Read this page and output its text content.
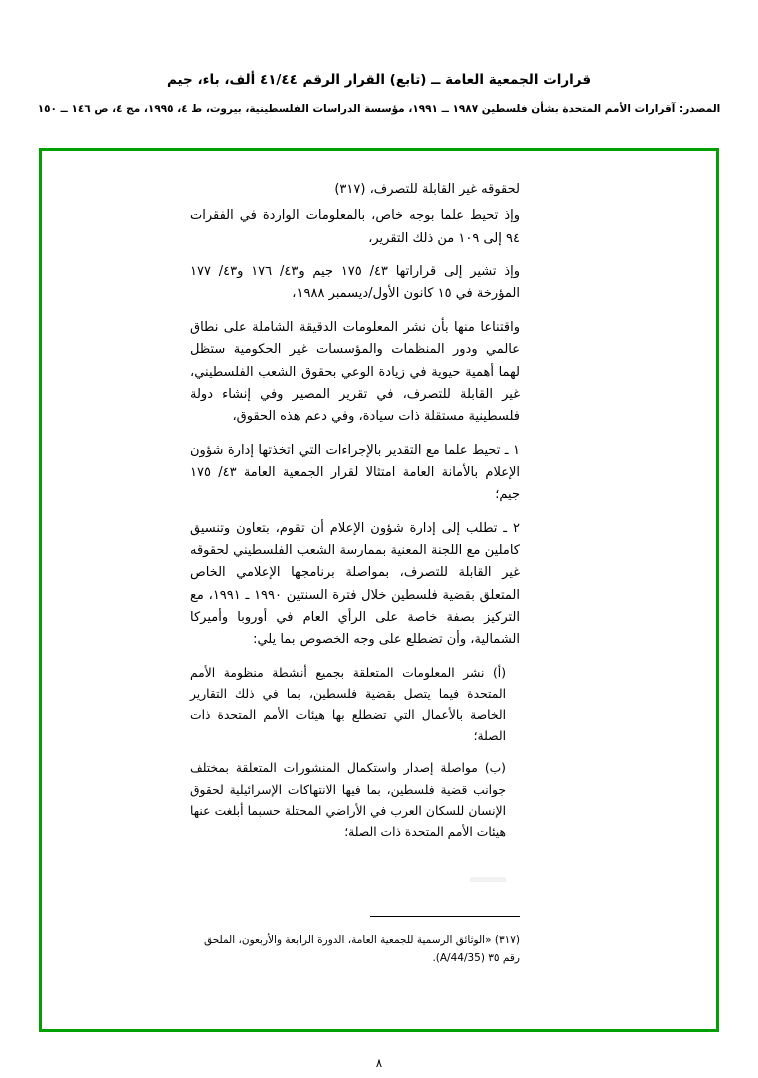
قرارات الجمعية العامة ــ (تابع) القرار الرقم ٤١/٤٤ ألف، باء، جيم
المصدر: آقرارات الأمم المتحدة بشأن فلسطين ١٩٨٧ ــ ١٩٩١، مؤسسة الدراسات الفلسطينية، بيروت، ط ٤، ١٩٩٥، مج ٤، ص ١٤٦ ــ ١٥٠

لحقوقه غير القابلة للتصرف، (٣١٧)

وإذ تحيط علما بوجه خاص، بالمعلومات الواردة في الفقرات ٩٤ إلى ١٠٩ من ذلك التقرير،

وإذ تشير إلى قراراتها ٤٣/ ١٧٥ جيم و٤٣/ ١٧٦ و٤٣/ ١٧٧ المؤرخة في ١٥ كانون الأول/ديسمبر ١٩٨٨،

واقتناعا منها بأن نشر المعلومات الدقيقة الشاملة على نطاق عالمي ودور المنظمات والمؤسسات غير الحكومية ستظل لهما أهمية حيوية في زيادة الوعي بحقوق الشعب الفلسطيني، غير القابلة للتصرف، في تقرير المصير وفي إنشاء دولة فلسطينية مستقلة ذات سيادة، وفي دعم هذه الحقوق،

١ ـ تحيط علما مع التقدير بالإجراءات التي اتخذتها إدارة شؤون الإعلام بالأمانة العامة امتثالا لقرار الجمعية العامة ٤٣/ ١٧٥ جيم؛

٢ ـ تطلب إلى إدارة شؤون الإعلام أن تقوم، بتعاون وتنسيق كاملين مع اللجنة المعنية بممارسة الشعب الفلسطيني لحقوقه غير القابلة للتصرف، بمواصلة برنامجها الإعلامي الخاص المتعلق بقضية فلسطين خلال فترة السنتين ١٩٩٠ ـ ١٩٩١، مع التركيز بصفة خاصة على الرأي العام في أوروبا وأميركا الشمالية، وأن تضطلع على وجه الخصوص بما يلي:

(أ) نشر المعلومات المتعلقة بجميع أنشطة منظومة الأمم المتحدة فيما يتصل بقضية فلسطين، بما في ذلك التقارير الخاصة بالأعمال التي تضطلع بها هيئات الأمم المتحدة ذات الصلة؛

(ب) مواصلة إصدار واستكمال المنشورات المتعلقة بمختلف جوانب قضية فلسطين، بما فيها الانتهاكات الإسرائيلية لحقوق الإنسان للسكان العرب في الأراضي المحتلة حسبما أبلغت عنها هيئات الأمم المتحدة ذات الصلة؛

(٣١٧) «الوثائق الرسمية للجمعية العامة، الدورة الرابعة والأربعون، الملحق
رقم ٣٥ (A/44/35).
٨
